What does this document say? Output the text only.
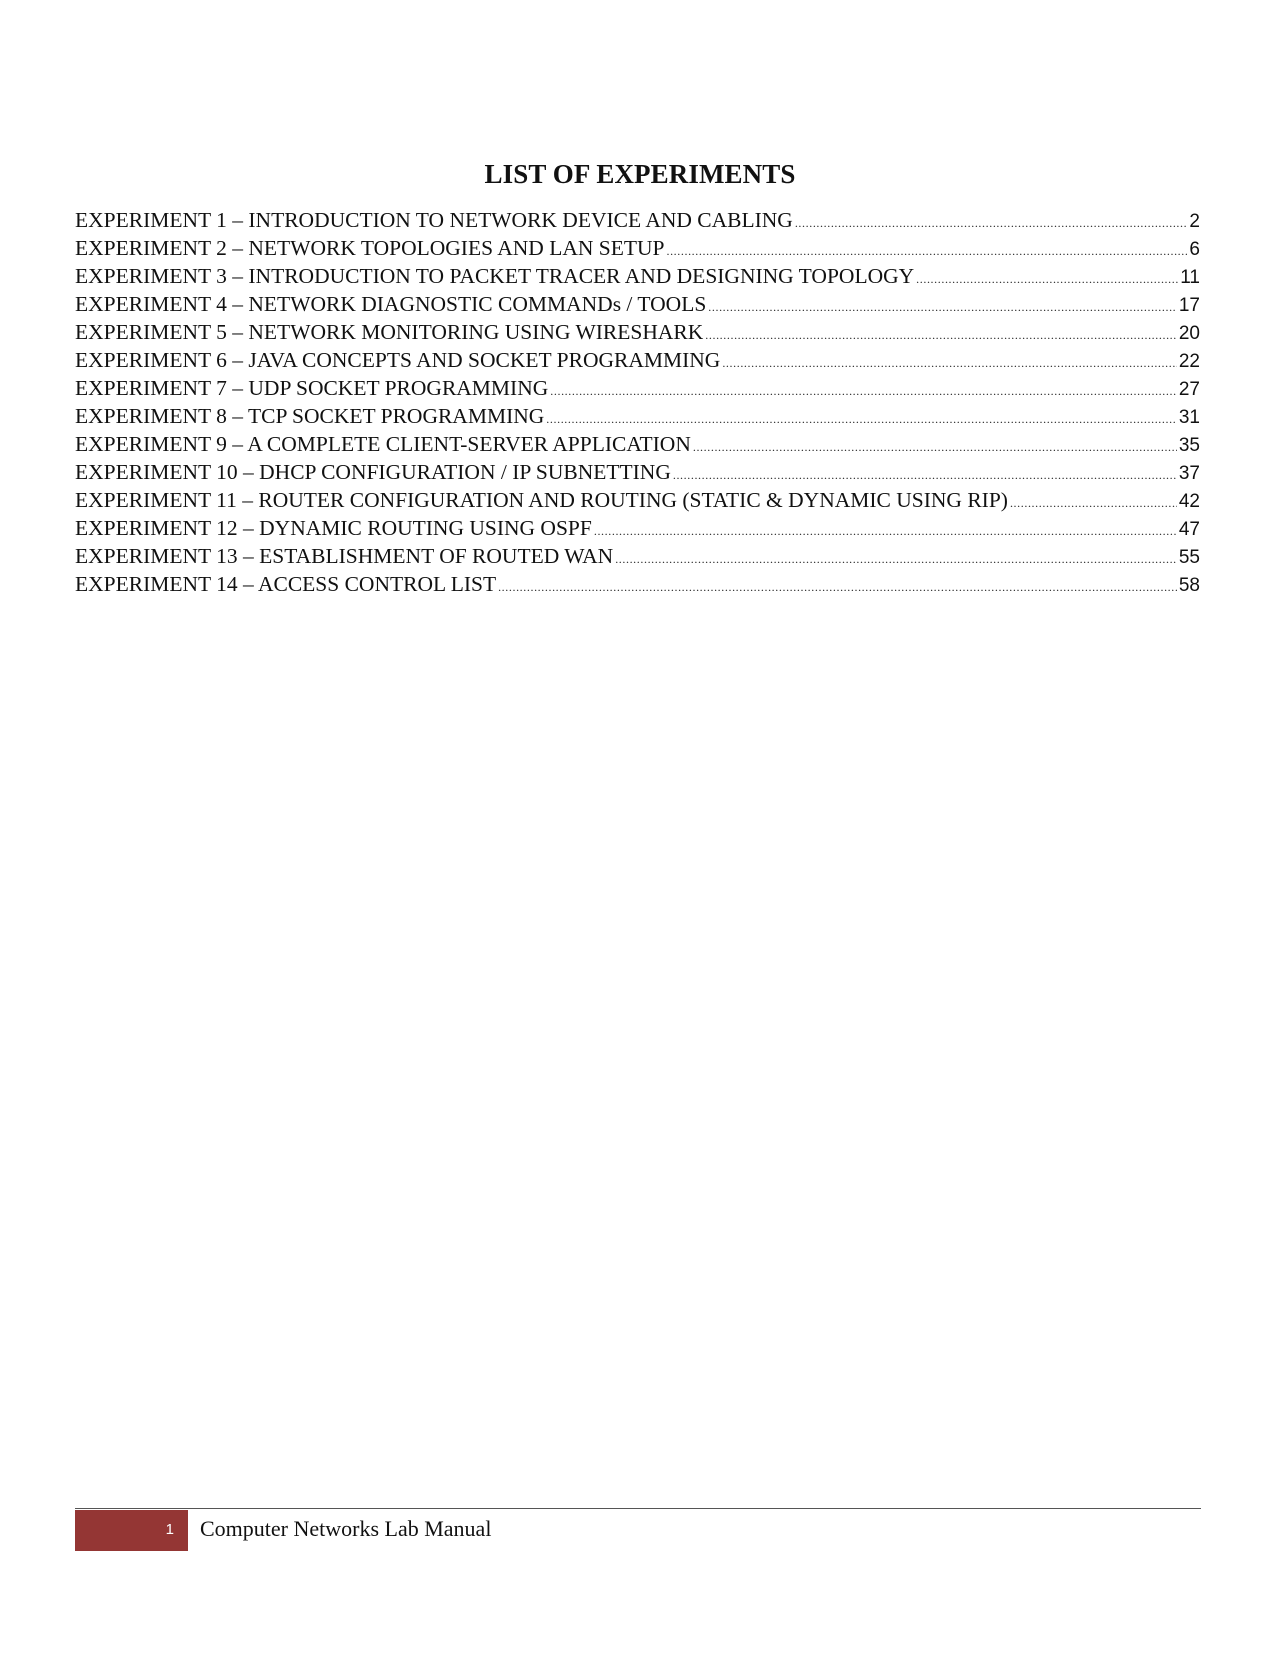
LIST OF EXPERIMENTS
EXPERIMENT 1 – INTRODUCTION TO NETWORK DEVICE AND CABLING .....	2
EXPERIMENT 2 – NETWORK TOPOLOGIES AND LAN SETUP .....	6
EXPERIMENT 3 – INTRODUCTION TO PACKET TRACER AND DESIGNING TOPOLOGY .....	11
EXPERIMENT 4 – NETWORK DIAGNOSTIC COMMANDs / TOOLS .....	17
EXPERIMENT 5 – NETWORK MONITORING USING WIRESHARK .....	20
EXPERIMENT 6 – JAVA CONCEPTS AND SOCKET PROGRAMMING .....	22
EXPERIMENT 7 – UDP SOCKET PROGRAMMING .....	27
EXPERIMENT 8 – TCP SOCKET PROGRAMMING .....	31
EXPERIMENT 9 – A COMPLETE CLIENT-SERVER APPLICATION .....	35
EXPERIMENT 10 – DHCP CONFIGURATION / IP SUBNETTING .....	37
EXPERIMENT 11 – ROUTER CONFIGURATION AND ROUTING (STATIC & DYNAMIC USING RIP) .....	42
EXPERIMENT 12 – DYNAMIC ROUTING USING OSPF .....	47
EXPERIMENT 13 – ESTABLISHMENT OF ROUTED WAN .....	55
EXPERIMENT 14 – ACCESS CONTROL LIST .....	58
1 Computer Networks Lab Manual
